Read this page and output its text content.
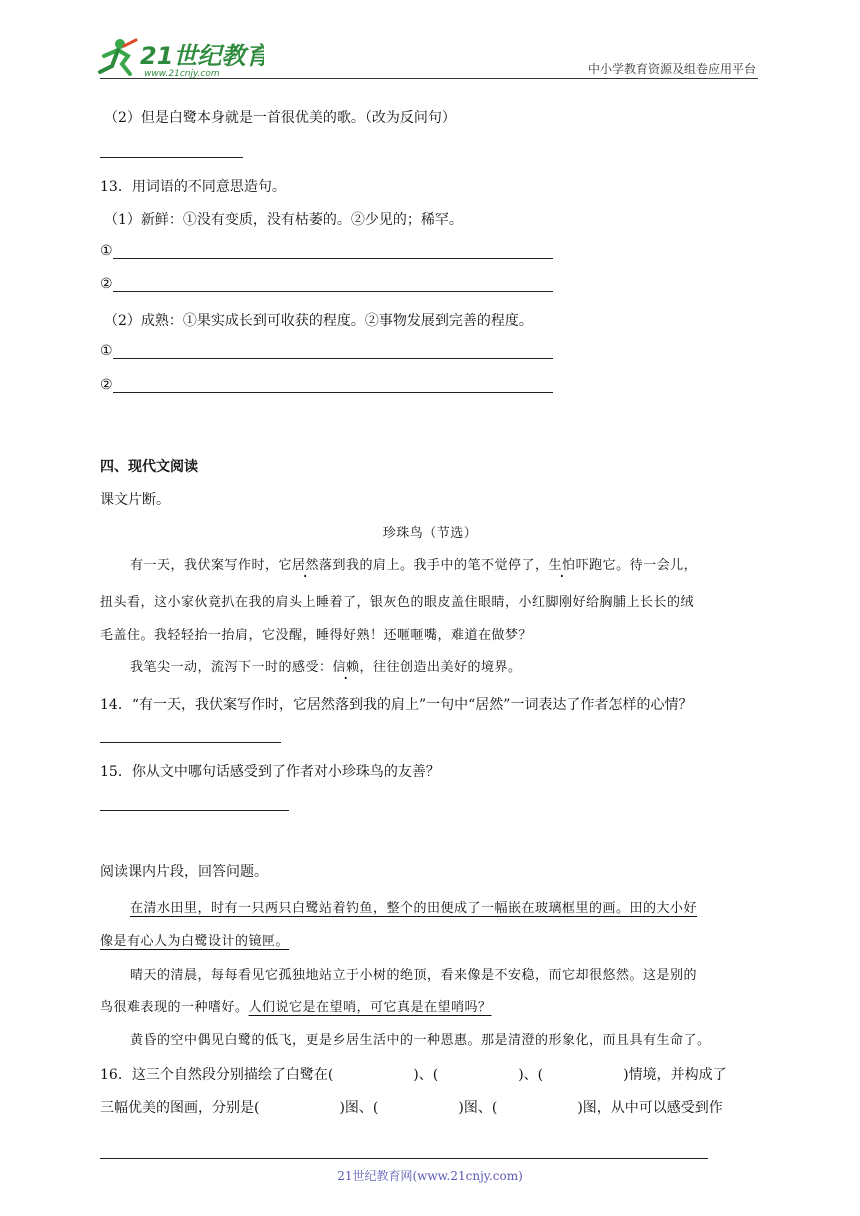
21世纪教育
www.21cnjy.com	中小学教育资源及组卷应用平台
（2）但是白鹭本身就是一首很优美的歌。（改为反问句）
13．用词语的不同意思造句。
（1）新鲜：①没有变质，没有枯萎的。②少见的；稀罕。
①
②
（2）成熟：①果实成长到可收获的程度。②事物发展到完善的程度。
①
②
四、现代文阅读
课文片断。
珍珠鸟（节选）
有一天，我伏案写作时，它居然落到我的肩上。我手中的笔不觉停了，生怕吓跑它。待一会儿，
扭头看，这小家伙竟扒在我的肩头上睡着了，银灰色的眼皮盖住眼睛，小红脚刚好给胸脯上长长的绒
毛盖住。我轻轻抬一抬肩，它没醒，睡得好熟！还咂咂嘴，难道在做梦？
我笔尖一动，流泻下一时的感受：信赖，往往创造出美好的境界。
14．“有一天，我伏案写作时，它居然落到我的肩上”一句中“居然”一词表达了作者怎样的心情？
15．你从文中哪句话感受到了作者对小珍珠鸟的友善？
阅读课内片段，回答问题。
在清水田里，时有一只两只白鹭站着钓鱼，整个的田便成了一幅嵌在玻璃框里的画。田的大小好
像是有心人为白鹭设计的镜匣。
晴天的清晨，每每看见它孤独地站立于小树的绝顶，看来像是不安稳，而它却很悠然。这是别的
鸟很难表现的一种嗜好。人们说它是在望哨，可它真是在望哨吗？
黄昏的空中偶见白鹭的低飞，更是乡居生活中的一种恩惠。那是清澄的形象化，而且具有生命了。
16．这三个自然段分别描绘了白鹭在(	)、(	)、(	)情境，并构成了
三幅优美的图画，分别是(	)图、(	)图、(	)图，从中可以感受到作
21世纪教育网(www.21cnjy.com)
